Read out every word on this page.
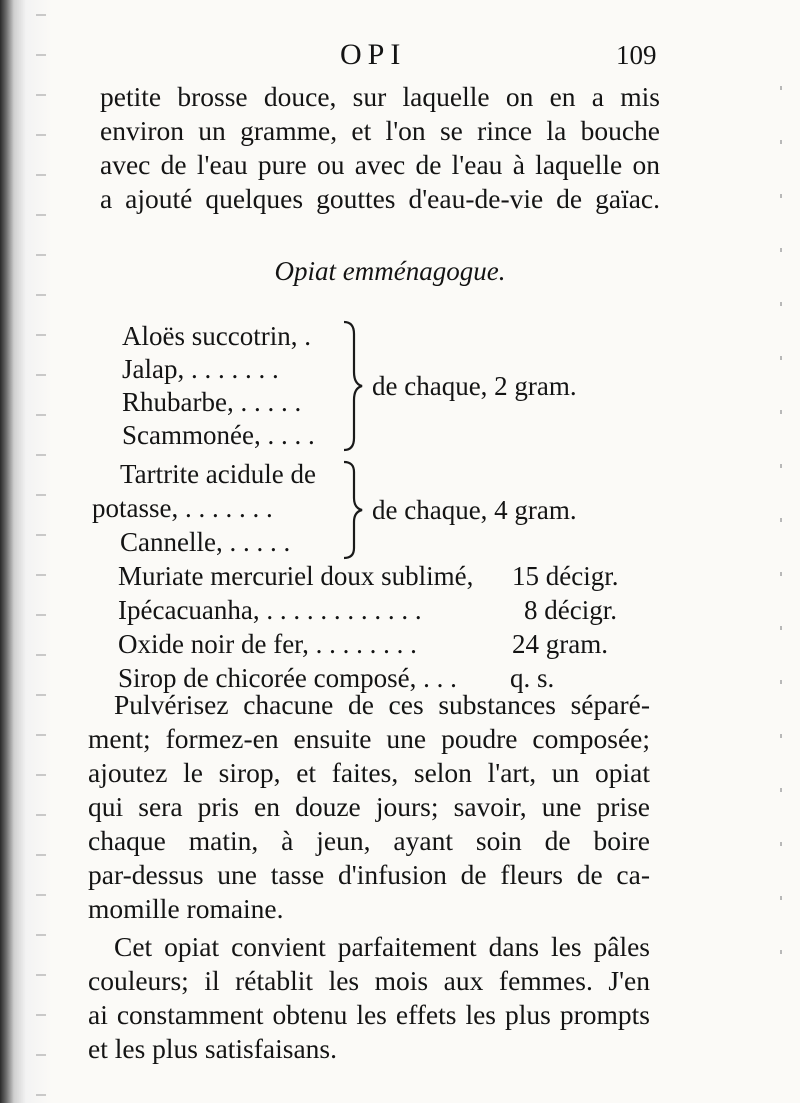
OPI	109
petite brosse douce, sur laquelle on en a mis
environ un gramme, et l'on se rince la bouche
avec de l'eau pure ou avec de l'eau à laquelle on
a ajouté quelques gouttes d'eau-de-vie de gaïac.
Opiat emménagogue.
Aloës succotrin, .
Jalap, . . . . . . .
Rhubarbe, . . . . .
Scammonée, . . . .
de chaque, 2 gram.
Tartrite acidule de
potasse, . . . . . . .
Cannelle, . . . . .
de chaque, 4 gram.
Muriate mercuriel doux sublimé, 15 décigr.
Ipécacuanha, . . . . . . . . . . . .	8 décigr.
Oxide noir de fer, . . . . . . . .	24 gram.
Sirop de chicorée composé, . . . q. s.
Pulvérisez chacune de ces substances séparé-
ment; formez-en ensuite une poudre composée;
ajoutez le sirop, et faites, selon l'art, un opiat
qui sera pris en douze jours; savoir, une prise
chaque matin, à jeun, ayant soin de boire
par-dessus une tasse d'infusion de fleurs de ca-
momille romaine.
Cet opiat convient parfaitement dans les pâles
couleurs; il rétablit les mois aux femmes. J'en
ai constamment obtenu les effets les plus prompts
et les plus satisfaisans.
